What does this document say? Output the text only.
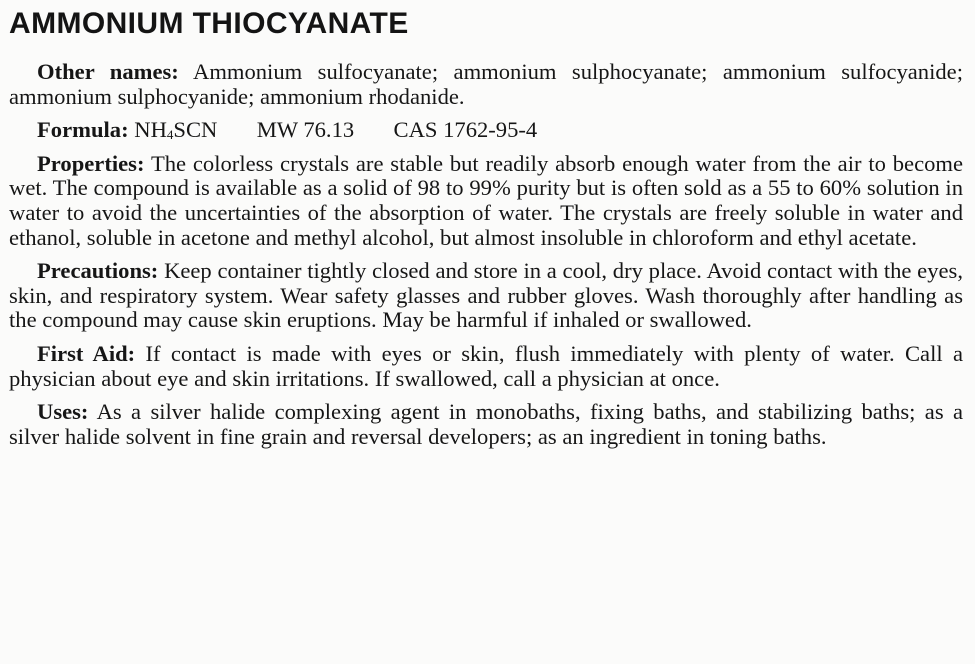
AMMONIUM THIOCYANATE
Other names: Ammonium sulfocyanate; ammonium sulphocyanate; ammonium sulfocyanide; ammonium sulphocyanide; ammonium rhodanide.
Formula: $NH_4SCN$ MW 76.13 CAS 1762-95-4
Properties: The colorless crystals are stable but readily absorb enough water from the air to become wet. The compound is available as a solid of 98 to 99% purity but is often sold as a 55 to 60% solution in water to avoid the uncertainties of the absorption of water. The crystals are freely soluble in water and ethanol, soluble in acetone and methyl alcohol, but almost insoluble in chloroform and ethyl acetate.
Precautions: Keep container tightly closed and store in a cool, dry place. Avoid contact with the eyes, skin, and respiratory system. Wear safety glasses and rubber gloves. Wash thoroughly after handling as the compound may cause skin eruptions. May be harmful if inhaled or swallowed.
First Aid: If contact is made with eyes or skin, flush immediately with plenty of water. Call a physician about eye and skin irritations. If swallowed, call a physician at once.
Uses: As a silver halide complexing agent in monobaths, fixing baths, and stabilizing baths; as a silver halide solvent in fine grain and reversal developers; as an ingredient in toning baths.
